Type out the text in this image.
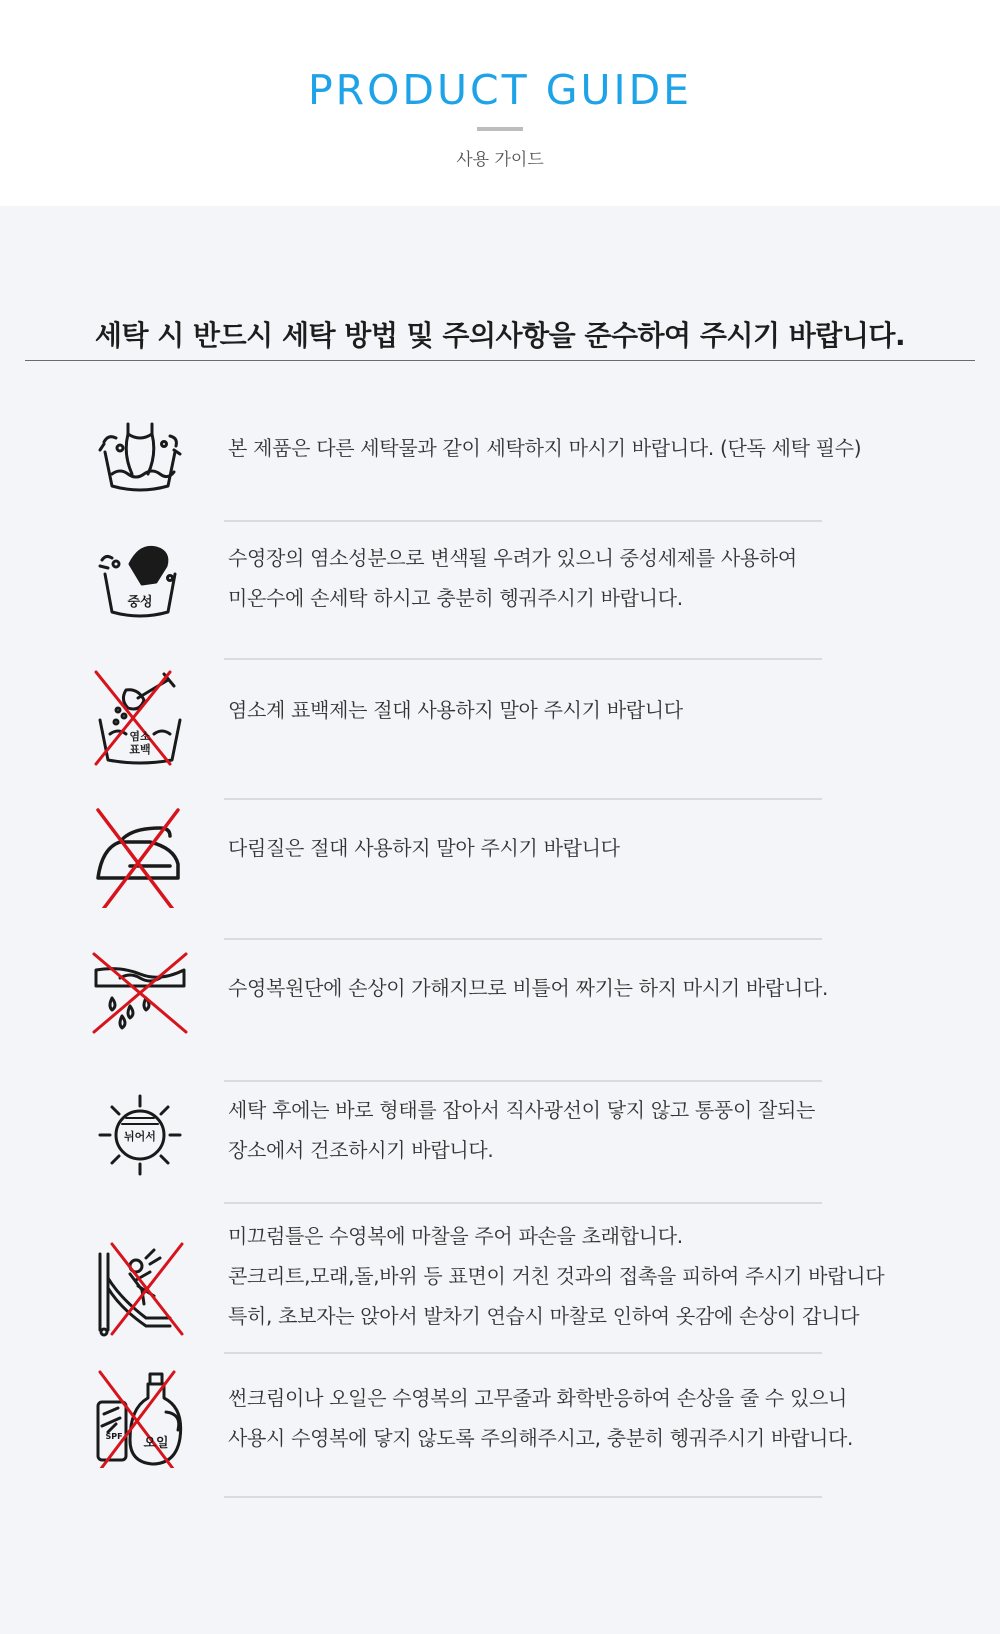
PRODUCT GUIDE
사용 가이드
세탁 시 반드시 세탁 방법 및 주의사항을 준수하여 주시기 바랍니다.
본 제품은 다른 세탁물과 같이 세탁하지 마시기 바랍니다. (단독 세탁 필수)
중성
수영장의 염소성분으로 변색될 우려가 있으니 중성세제를 사용하여
미온수에 손세탁 하시고 충분히 헹궈주시기 바랍니다.
염소
표백
염소계 표백제는 절대 사용하지 말아 주시기 바랍니다
다림질은 절대 사용하지 말아 주시기 바랍니다
수영복원단에 손상이 가해지므로 비틀어 짜기는 하지 마시기 바랍니다.
뉘어서
세탁 후에는 바로 형태를 잡아서 직사광선이 닿지 않고 통풍이 잘되는
장소에서 건조하시기 바랍니다.
미끄럼틀은 수영복에 마찰을 주어 파손을 초래합니다.
콘크리트,모래,돌,바위 등 표면이 거친 것과의 접촉을 피하여 주시기 바랍니다
특히, 초보자는 앉아서 발차기 연습시 마찰로 인하여 옷감에 손상이 갑니다
SPF	오일
썬크림이나 오일은 수영복의 고무줄과 화학반응하여 손상을 줄 수 있으니
사용시 수영복에 닿지 않도록 주의해주시고, 충분히 헹궈주시기 바랍니다.
